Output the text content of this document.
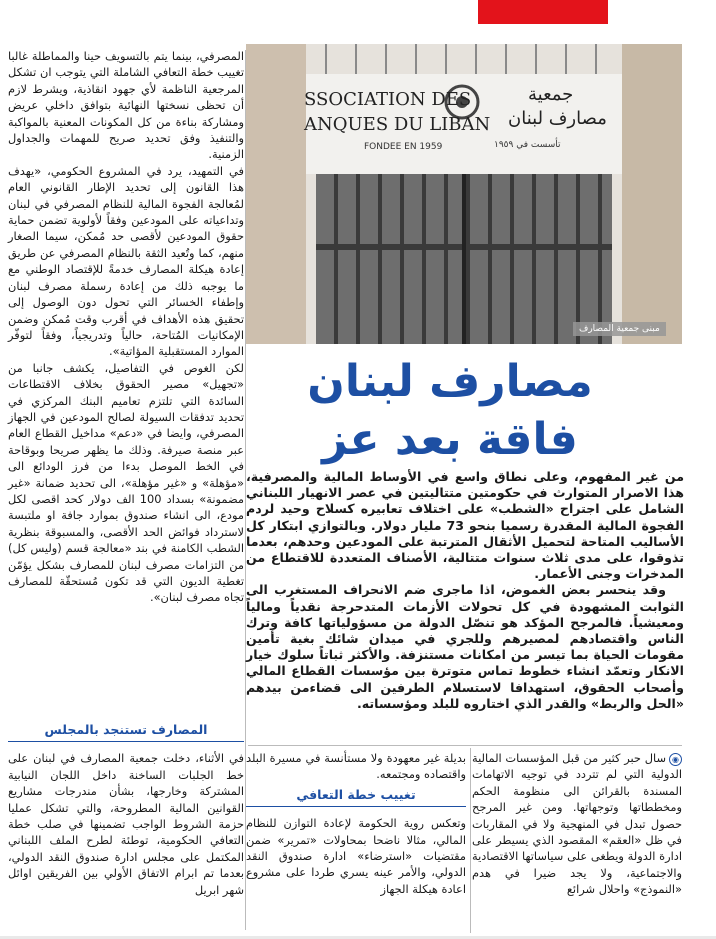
SSOCIATION DES
ANQUES DU LIBAN
FONDEE EN 1959
جمعية
مصارف لبنان
تأسست في ١٩٥٩
مبنى جمعية المصارف
مصارف لبنان
فاقة بعد عز

المصرفي، بينما يتم بالتسويف حينا والمماطلة غالبا تغييب خطة التعافي الشاملة التي يتوجب ان تشكل المرجعية الناظمة لأي جهود انقاذية، ويشرط لازم أن تحظى نسختها النهائية بتوافق داخلي عريض ومشاركة بناءة من كل المكونات المعنية بالمواكبة والتنفيذ وفق تحديد صريح للمهمات والجداول الزمنية.

في التمهيد، يرد في المشروع الحكومي، «يهدف هذا القانون إلى تحديد الإطار القانوني العام لمُعالجة الفجوة المالية للنظام المصرفي في لبنان وتداعياته على المودعين وفقاً لأولوية تضمن حماية حقوق المودعين لأقصى حد مُمكن، سيما الصغار منهم، كما وتُعيد الثقة بالنظام المصرفي عن طريق إعادة هيكلة المصارف خدمةً للإقتصاد الوطني مع ما يوجبه ذلك من إعادة رسملة مصرف لبنان وإطفاء الخسائر التي تحول دون الوصول إلى تحقيق هذه الأهداف في أقرب وقت مُمكن وضمن الإمكانيات المُتاحة، حالياً وتدريجياً، وفقاً لتوفّر الموارد المستقبلية المؤاتية».

لكن الغوص في التفاصيل، يكشف جانبا من «تجهيل» مصير الحقوق بخلاف الاقتطاعات السائدة التي تلتزم تعاميم البنك المركزي في تحديد تدفقات السيولة لصالح المودعين في الجهاز المصرفي، وايضا في «دعم» مداخيل القطاع العام عبر منصة صيرفة. وذلك ما يظهر صريحا وبوقاحة في الخط الموصل بدءا من فرز الودائع الى «مؤهلة» و «غير مؤهلة»، الى تحديد ضمانة «غير مضمونة» بسداد 100 الف دولار كحد اقصى لكل مودع، الى انشاء صندوق بموارد جافة او ملتبسة لاسترداد فوائض الحد الأقصى، والمسبوقة بنظرية الشطب الكامنة في بند «معالجة قسم (وليس كل) من التزامات مصرف لبنان للمصارف بشكل يؤمّن تغطية الديون التي قد تكون مُستحقّة للمصارف تجاه مصرف لبنان».

المصارف تستنجد بالمجلس

في الأثناء، دخلت جمعية المصارف في لبنان على خط الجلبات الساخنة داخل اللجان النيابية المشتركة وخارجها، بشأن مندرجات مشاريع القوانين المالية المطروحة، والتي تشكل عمليا حزمة الشروط الواجب تضمينها في صلب خطة التعافي الحكومية، توطئة لطرح الملف اللبناني المكتمل على مجلس ادارة صندوق النقد الدولي، بعدما تم ابرام الاتفاق الأولي بين الفريقين اوائل شهر ابريل

من غير المفهوم، وعلى نطاق واسع في الأوساط المالية والمصرفية، هذا الاصرار المتوارث في حكومتين متتاليتين في عصر الانهيار اللبناني الشامل على اجتراح «الشطب» على اختلاف تعابيره كسلاح وحيد لردم الفجوة المالية المقدرة رسميا بنحو 73 مليار دولار. وبالتوازي ابتكار كل الأساليب المتاحة لتحميل الأثقال المترتبة على المودعين وحدهم، بعدما تذوقوا، على مدى ثلاث سنوات متتالية، الأصناف المتعددة للاقتطاع من المدخرات وجنى الأعمار.

وقد ينحسر بعض الغموض، اذا ماجرى ضم الانحراف المستغرب الى الثوابت المشهودة في كل تحولات الأزمات المتدحرجة نقدياً ومالياً ومعيشياً. فالمرجح المؤكد هو تنصّل الدولة من مسؤولياتها كافة وترك الناس واقتصادهم لمصيرهم وللجري في ميدان شائك بغية تأمين مقومات الحياة بما تيسر من امكانات مستنزفة. والأكثر ثباتاً سلوك خيار الانكار وتعمّد انشاء خطوط تماس متوترة بين مؤسسات القطاع المالي وأصحاب الحقوق، استهدافا لاستسلام الطرفين الى قضاءمن بيدهم «الحل والربط» والقدر الذي اختاروه للبلد ومؤسساته.

بديلة غير معهودة ولا مستأنسة في مسيرة البلد واقتصاده ومجتمعه.

تغييب خطة التعافي

وتعكس روية الحكومة لإعادة التوازن للنظام المالي، مثالا ناضحا بمحاولات «تمرير» ضمن مقتضيات «استرضاء» ادارة صندوق النقد الدولي، والأمر عينه يسري طردا على مشروع اعادة هيكلة الجهاز

◉سال حبر كثير من قبل المؤسسات المالية الدولية التي لم تتردد في توجيه الاتهامات المسندة بالقرائن الى منظومة الحكم ومخططاتها وتوجهاتها. ومن غير المرجح حصول تبدل في المنهجية ولا في المقاربات في ظل «العقم» المقصود الذي يسيطر على ادارة الدولة ويطغى على سياساتها الاقتصادية والاجتماعية، ولا يجد ضيرا في هدم «النموذج» واحلال شرائع
